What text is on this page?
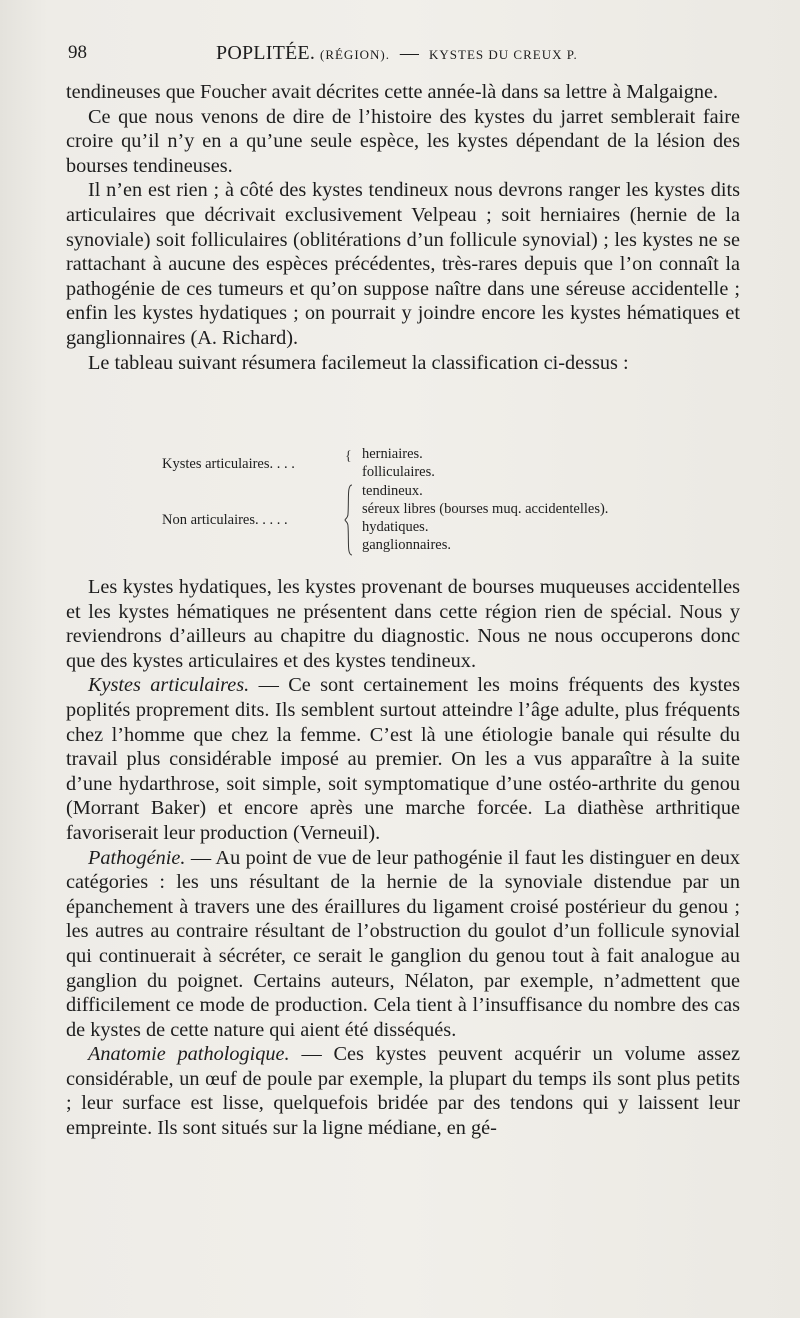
98	POPLITÉE. (RÉGION). — KYSTES DU CREUX P.

tendineuses que Foucher avait décrites cette année-là dans sa lettre à Malgaigne.

Ce que nous venons de dire de l’histoire des kystes du jarret semblerait faire croire qu’il n’y en a qu’une seule espèce, les kystes dépendant de la lésion des bourses tendineuses.

Il n’en est rien ; à côté des kystes tendineux nous devrons ranger les kystes dits articulaires que décrivait exclusivement Velpeau ; soit herniaires (hernie de la synoviale) soit folliculaires (oblitérations d’un follicule synovial) ; les kystes ne se rattachant à aucune des espèces précédentes, très-rares depuis que l’on connaît la pathogénie de ces tumeurs et qu’on suppose naître dans une séreuse accidentelle ; enfin les kystes hydatiques ; on pourrait y joindre encore les kystes hématiques et ganglionnaires (A. Richard).

Le tableau suivant résumera facilemeut la classification ci-dessus :

Kystes articulaires. . . .	{ herniaires.
folliculaires.
Non articulaires. . . . .
tendineux.
séreux libres (bourses muq. accidentelles).
hydatiques.
ganglionnaires.

Les kystes hydatiques, les kystes provenant de bourses muqueuses accidentelles et les kystes hématiques ne présentent dans cette région rien de spécial. Nous y reviendrons d’ailleurs au chapitre du diagnostic. Nous ne nous occuperons donc que des kystes articulaires et des kystes tendineux.

Kystes articulaires. — Ce sont certainement les moins fréquents des kystes poplités proprement dits. Ils semblent surtout atteindre l’âge adulte, plus fréquents chez l’homme que chez la femme. C’est là une étiologie banale qui résulte du travail plus considérable imposé au premier. On les a vus apparaître à la suite d’une hydarthrose, soit simple, soit symptomatique d’une ostéo-arthrite du genou (Morrant Baker) et encore après une marche forcée. La diathèse arthritique favoriserait leur production (Verneuil).

Pathogénie. — Au point de vue de leur pathogénie il faut les distinguer en deux catégories : les uns résultant de la hernie de la synoviale distendue par un épanchement à travers une des éraillures du ligament croisé postérieur du genou ; les autres au contraire résultant de l’obstruction du goulot d’un follicule synovial qui continuerait à sécréter, ce serait le ganglion du genou tout à fait analogue au ganglion du poignet. Certains auteurs, Nélaton, par exemple, n’admettent que difficilement ce mode de production. Cela tient à l’insuffisance du nombre des cas de kystes de cette nature qui aient été disséqués.

Anatomie pathologique. — Ces kystes peuvent acquérir un volume assez considérable, un œuf de poule par exemple, la plupart du temps ils sont plus petits ; leur surface est lisse, quelquefois bridée par des tendons qui y laissent leur empreinte. Ils sont situés sur la ligne médiane, en gé-
